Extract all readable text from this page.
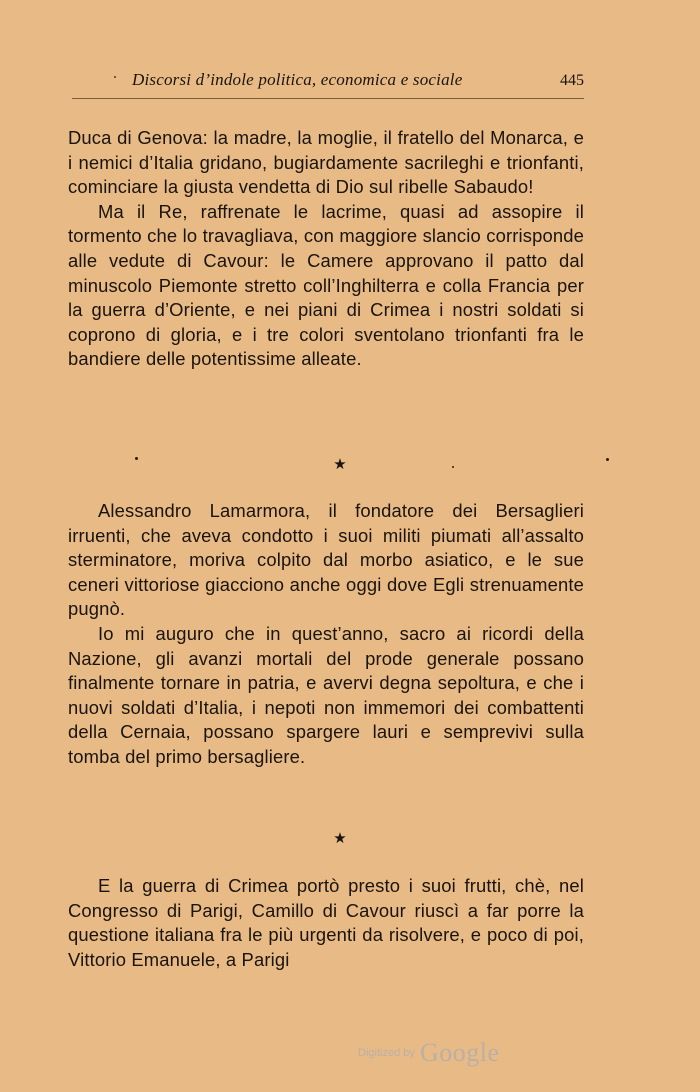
Discorsi d’indole politica, economica e sociale	445

Duca di Genova: la madre, la moglie, il fratello del Monarca, e i nemici d’Italia gridano, bugiardamente sacrileghi e trionfanti, cominciare la giusta vendetta di Dio sul ribelle Sabaudo!

Ma il Re, raffrenate le lacrime, quasi ad assopire il tormento che lo travagliava, con maggiore slancio corrisponde alle vedute di Cavour: le Camere approvano il patto dal minuscolo Piemonte stretto coll’Inghilterra e colla Francia per la guerra d’Oriente, e nei piani di Crimea i nostri soldati si coprono di gloria, e i tre colori sventolano trionfanti fra le bandiere delle potentissime alleate.

★

Alessandro Lamarmora, il fondatore dei Bersaglieri irruenti, che aveva condotto i suoi militi piumati all’assalto sterminatore, moriva colpito dal morbo asiatico, e le sue ceneri vittoriose giacciono anche oggi dove Egli strenuamente pugnò.

Io mi auguro che in quest’anno, sacro ai ricordi della Nazione, gli avanzi mortali del prode generale possano finalmente tornare in patria, e avervi degna sepoltura, e che i nuovi soldati d’Italia, i nepoti non immemori dei combattenti della Cernaia, possano spargere lauri e semprevivi sulla tomba del primo bersagliere.

★

E la guerra di Crimea portò presto i suoi frutti, chè, nel Congresso di Parigi, Camillo di Cavour riuscì a far porre la questione italiana fra le più urgenti da risolvere, e poco di poi, Vittorio Emanuele, a Parigi

Digitized by Google
